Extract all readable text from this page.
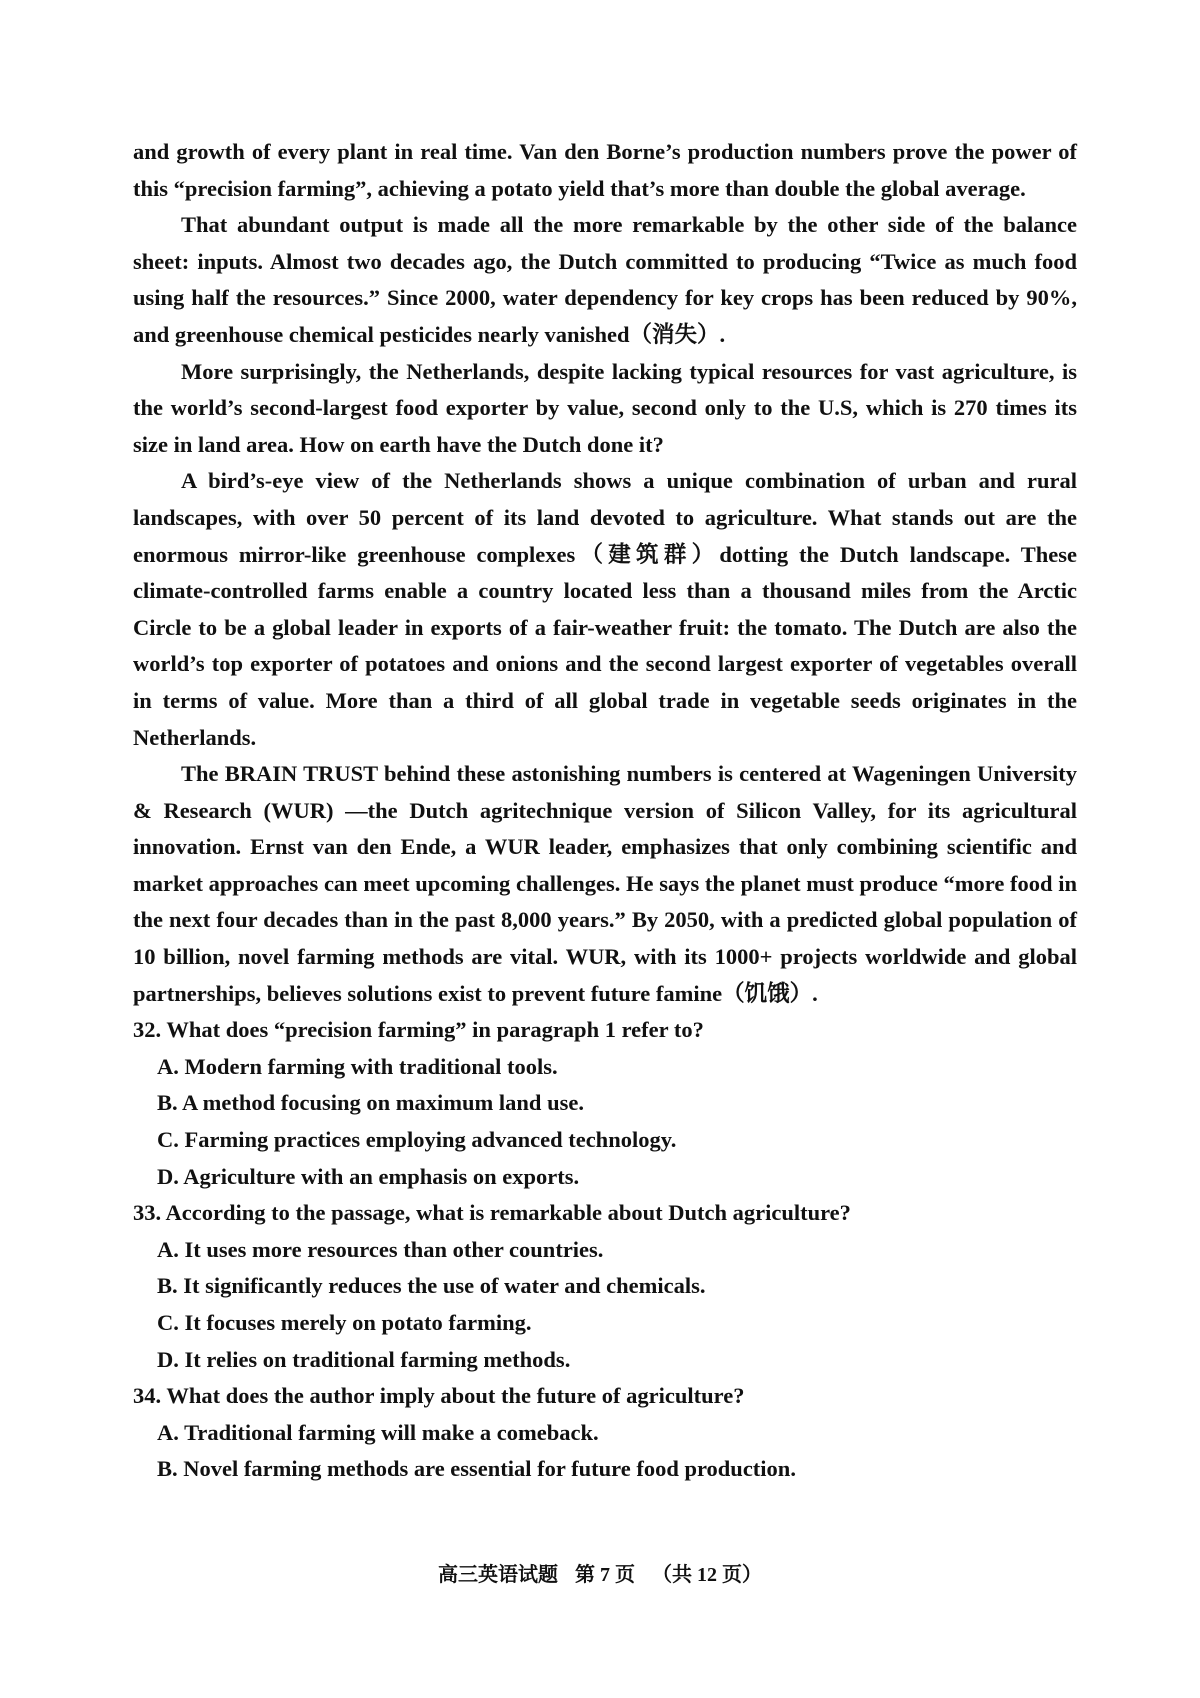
and growth of every plant in real time. Van den Borne’s production numbers prove the power of this “precision farming”, achieving a potato yield that’s more than double the global average.

That abundant output is made all the more remarkable by the other side of the balance sheet: inputs. Almost two decades ago, the Dutch committed to producing “Twice as much food using half the resources.” Since 2000, water dependency for key crops has been reduced by 90%, and greenhouse chemical pesticides nearly vanished（消失）.

More surprisingly, the Netherlands, despite lacking typical resources for vast agriculture, is the world’s second-largest food exporter by value, second only to the U.S, which is 270 times its size in land area. How on earth have the Dutch done it?

A bird’s-eye view of the Netherlands shows a unique combination of urban and rural landscapes, with over 50 percent of its land devoted to agriculture. What stands out are the enormous mirror-like greenhouse complexes（建筑群）dotting the Dutch landscape. These climate-controlled farms enable a country located less than a thousand miles from the Arctic Circle to be a global leader in exports of a fair-weather fruit: the tomato. The Dutch are also the world’s top exporter of potatoes and onions and the second largest exporter of vegetables overall in terms of value. More than a third of all global trade in vegetable seeds originates in the Netherlands.

The BRAIN TRUST behind these astonishing numbers is centered at Wageningen University & Research (WUR) —the Dutch agritechnique version of Silicon Valley, for its agricultural innovation. Ernst van den Ende, a WUR leader, emphasizes that only combining scientific and market approaches can meet upcoming challenges. He says the planet must produce “more food in the next four decades than in the past 8,000 years.” By 2050, with a predicted global population of 10 billion, novel farming methods are vital. WUR, with its 1000+ projects worldwide and global partnerships, believes solutions exist to prevent future famine（饥饿）.

32. What does “precision farming” in paragraph 1 refer to?

A. Modern farming with traditional tools.

B. A method focusing on maximum land use.

C. Farming practices employing advanced technology.

D. Agriculture with an emphasis on exports.

33. According to the passage, what is remarkable about Dutch agriculture?

A. It uses more resources than other countries.

B. It significantly reduces the use of water and chemicals.

C. It focuses merely on potato farming.

D. It relies on traditional farming methods.

34. What does the author imply about the future of agriculture?

A. Traditional farming will make a comeback.

B. Novel farming methods are essential for future food production.

高三英语试题 第 7 页 （共 12 页）
